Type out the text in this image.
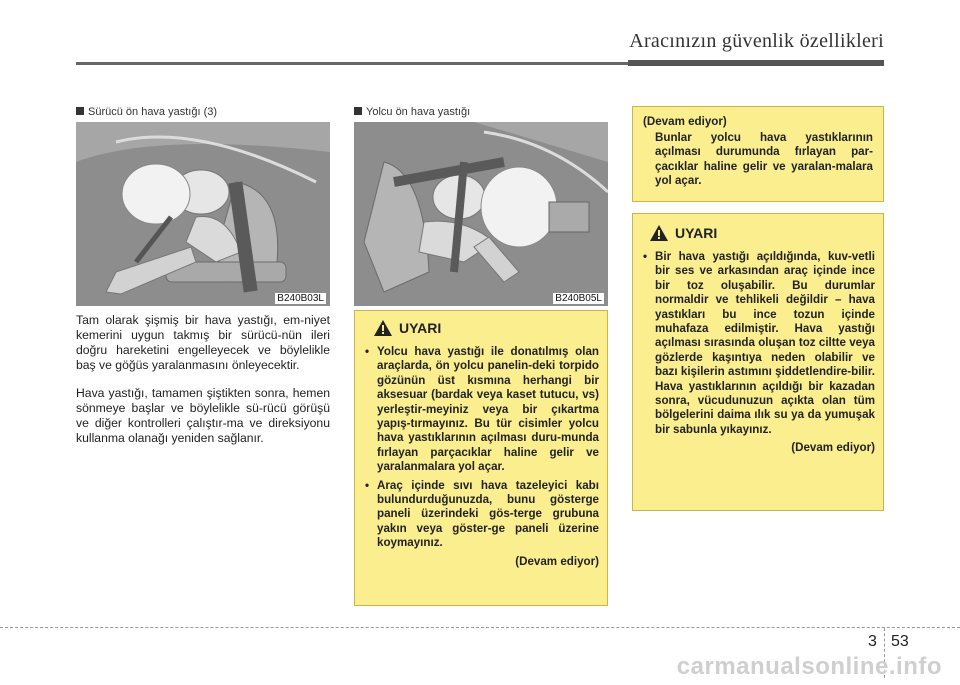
Aracınızın güvenlik özellikleri
Sürücü ön hava yastığı (3)
B240B03L
Yolcu ön hava yastığı
B240B05L

Tam olarak şişmiş bir hava yastığı, em-niyet kemerini uygun takmış bir sürücü-nün ileri doğru hareketini engelleyecek ve böylelikle baş ve göğüs yaralanmasını önleyecektir.

Hava yastığı, tamamen şiştikten sonra, hemen sönmeye başlar ve böylelikle sü-rücü görüşü ve diğer kontrolleri çalıştır-ma ve direksiyonu kullanma olanağı yeniden sağlanır.

UYARI
• Yolcu hava yastığı ile donatılmış olan araçlarda, ön yolcu panelin-deki torpido gözünün üst kısmına herhangi bir aksesuar (bardak veya kaset tutucu, vs) yerleştir-meyiniz veya bir çıkartma yapış-tırmayınız. Bu tür cisimler yolcu hava yastıklarının açılması duru-munda fırlayan parçacıklar haline gelir ve yaralanmalara yol açar.
• Araç içinde sıvı hava tazeleyici kabı bulundurduğunuzda, bunu gösterge paneli üzerindeki gös-terge grubuna yakın veya göster-ge paneli üzerine koymayınız.
(Devam ediyor)
(Devam ediyor)
Bunlar yolcu hava yastıklarının açılması durumunda fırlayan par-çacıklar haline gelir ve yaralan-malara yol açar.
UYARI
• Bir hava yastığı açıldığında, kuv-vetli bir ses ve arkasından araç içinde ince bir toz oluşabilir. Bu durumlar normaldir ve tehlikeli değildir – hava yastıkları bu ince tozun içinde muhafaza edilmiştir. Hava yastığı açılması sırasında oluşan toz ciltte veya gözlerde kaşıntıya neden olabilir ve bazı kişilerin astımını şiddetlendire-bilir. Hava yastıklarının açıldığı bir kazadan sonra, vücudunuzun açıkta olan tüm bölgelerini daima ılık su ya da yumuşak bir sabunla yıkayınız.
(Devam ediyor)
3 53
carmanualsonline.info
